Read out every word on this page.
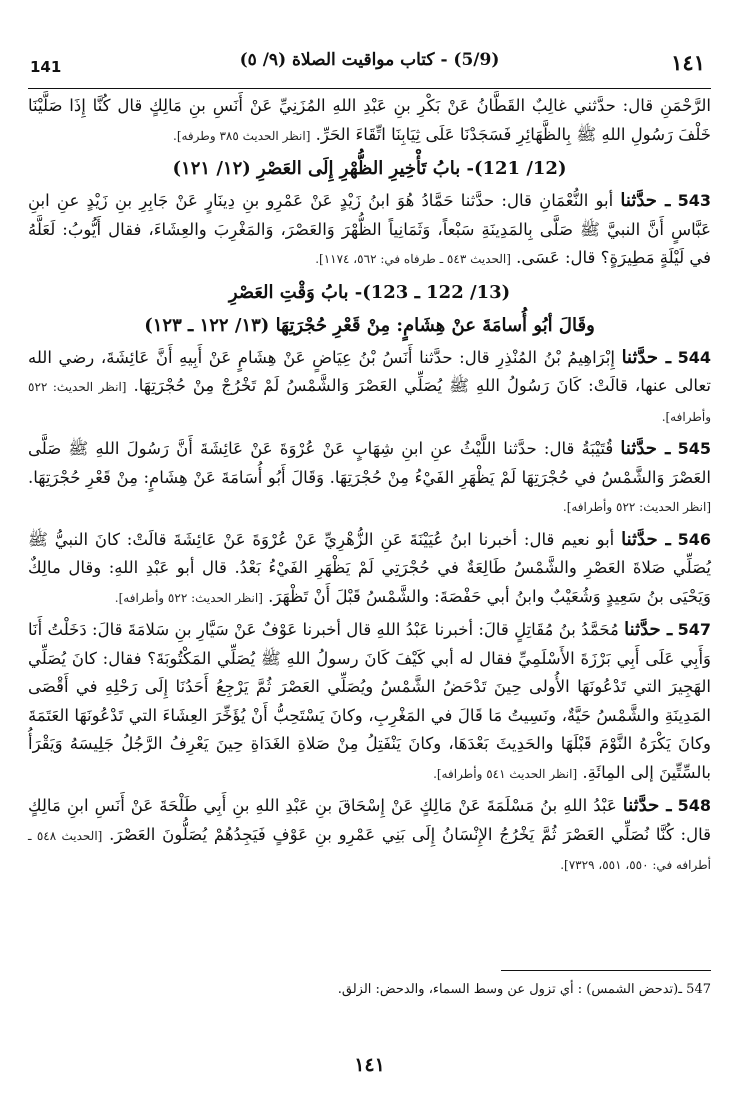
141	(5/9) - كتاب مواقيت الصلاة (٩/ ٥)	١٤١

الرَّحْمَنِ قال: حدَّثني غالِبٌ القَطَّانُ عَنْ بَكْرِ بنِ عَبْدِ اللهِ المُزَنِيِّ عَنْ أَنَسِ بنِ مَالِكٍ قال كُنَّا إِذَا صَلَّيْنَا خَلْفَ رَسُولِ اللهِ ﷺ بِالظَّهَائِرِ فَسَجَدْنَا عَلَى ثِيَابِنَا اتِّقَاءَ الحَرِّ. [انظر الحديث ٣٨٥ وطرفه].

(12/ 121)- بابُ تَأْخِيرِ الظُّهْرِ إِلَى العَصْرِ (١٢/ ١٢١)

543 ـ حدَّثنا أبو النُّعْمَانِ قال: حدَّثنا حَمَّادُ هُوَ ابنُ زَيْدٍ عَنْ عَمْرِو بنِ دِينَارٍ عَنْ جَابِرِ بنِ زَيْدٍ عنِ ابنِ عَبَّاسٍ أَنَّ النبيَّ ﷺ صَلَّى بِالمَدِينَةِ سَبْعاً، وَثَمَانِياً الظُّهْرَ وَالعَصْرَ، وَالمَغْرِبَ والعِشَاءَ، فقال أَيُّوبُ: لَعَلَّهُ في لَيْلَةٍ مَطِيرَةٍ؟ قال: عَسَى. [الحديث ٥٤٣ ـ طرفاه في: ٥٦٢، ١١٧٤].

(13/ 122 ـ 123)- بابُ وَقْتِ العَصْرِ
وقَالَ أبُو أُسامَةَ عنْ هِشَامٍ: مِنْ قَعْرِ حُجْرَتِهَا (١٣/ ١٢٢ ـ ١٢٣)

544 ـ حدَّثنا إِبْرَاهِيمُ بْنُ المُنْذِرِ قال: حدَّثنا أَنَسُ بْنُ عِيَاضٍ عَنْ هِشَامٍ عَنْ أَبِيهِ أَنَّ عَائِشَةَ، رضي الله تعالى عنها، قالَتْ: كَانَ رَسُولُ اللهِ ﷺ يُصَلِّي العَصْرَ وَالشَّمْسُ لَمْ تَخْرُجْ مِنْ حُجْرَتِهَا. [انظر الحديث: ٥٢٢ وأطرافه].

545 ـ حدَّثنا قُتَيْبَةُ قال: حدَّثنا اللَّيْثُ عنِ ابنِ شِهَابٍ عَنْ عُرْوَةَ عَنْ عَائِشَةَ أَنَّ رَسُولَ اللهِ ﷺ صَلَّى العَصْرَ وَالشَّمْسُ في حُجْرَتِهَا لَمْ يَظْهَرِ الفَيْءُ مِنْ حُجْرَتِهَا. وَقَالَ أَبُو أُسَامَةَ عَنْ هِشَامٍ: مِنْ قَعْرِ حُجْرَتِهَا. [انظر الحديث: ٥٢٢ وأطرافه].

546 ـ حدَّثنا أبو نعيم قال: أخبرنا ابنُ عُيَيْنَةَ عَنِ الزُّهْرِيِّ عَنْ عُرْوَةَ عَنْ عَائِشَةَ قالَتْ: كانَ النبيُّ ﷺ يُصَلِّي صَلاةَ العَصْرِ والشَّمْسُ طَالِعَةٌ في حُجْرَتِي لَمْ يَظْهَرِ الفَيْءُ بَعْدُ. قال أبو عَبْدِ اللهِ: وقال مالِكٌ وَيَحْيَى بنُ سَعِيدٍ وَشُعَيْبٌ وابنُ أبي حَفْصَةَ: والشَّمْسُ قَبْلَ أَنْ تَظْهَرَ. [انظر الحديث: ٥٢٢ وأطرافه].

547 ـ حدَّثنا مُحَمَّدُ بنُ مُقَاتِلٍ قالَ: أخبرنا عَبْدُ اللهِ قال أخبرنا عَوْفٌ عَنْ سَيَّارِ بنِ سَلامَةَ قالَ: دَخَلْتُ أَنَا وَأَبِي عَلَى أَبِي بَرْزَةَ الأَسْلَمِيِّ فقال له أبي كَيْفَ كَانَ رسولُ اللهِ ﷺ يُصَلِّي المَكْتُوبَةَ؟ فقال: كانَ يُصَلِّي الهَجِيرَ التي تَدْعُونَهَا الأُولى حِينَ تَدْحَضُ الشَّمْسُ ويُصَلِّي العَصْرَ ثُمَّ يَرْجِعُ أَحَدُنَا إِلَى رَحْلِهِ في أَقْصَى المَدِينَةِ والشَّمْسُ حَيَّةٌ، ونَسِيتُ مَا قَالَ في المَغْرِبِ، وكانَ يَسْتَحِبُّ أَنْ يُؤَخِّرَ العِشَاءَ التي تَدْعُونَهَا العَتَمَةَ وكانَ يَكْرَهُ النَّوْمَ قَبْلَهَا والحَدِيثَ بَعْدَهَا، وكانَ يَنْفَتِلُ مِنْ صَلاةِ الغَدَاةِ حِينَ يَعْرِفُ الرَّجُلُ جَلِيسَهُ وَيَقْرَأُ بالسِّتِّينَ إلى المِائَةِ. [انظر الحديث ٥٤١ وأطرافه].

548 ـ حدَّثنا عَبْدُ اللهِ بنُ مَسْلَمَةَ عَنْ مَالِكٍ عَنْ إِسْحَاقَ بنِ عَبْدِ اللهِ بنِ أَبِي طَلْحَةَ عَنْ أَنَسِ ابنِ مَالِكٍ قال: كُنَّا نُصَلِّي العَصْرَ ثُمَّ يَخْرُجُ الإِنْسَانُ إِلَى بَنِي عَمْرِو بنِ عَوْفٍ فَيَجِدُهُمْ يُصَلُّونَ العَصْرَ. [الحديث ٥٤٨ ـ أطرافه في: ٥٥٠، ٥٥١، ٧٣٢٩].

547 ـ(تدحض الشمس) : أي تزول عن وسط السماء، والدحض: الزلق.
١٤١
